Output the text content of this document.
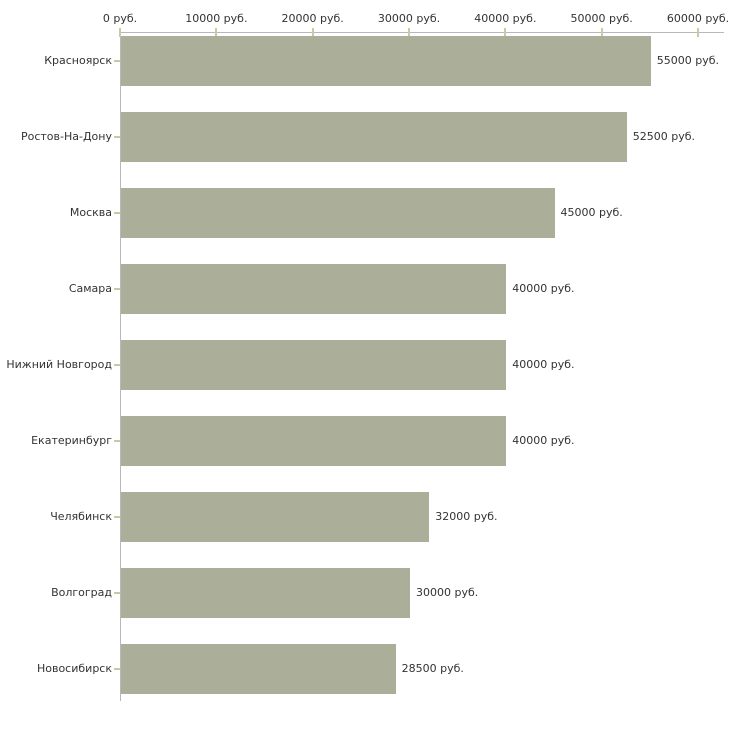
0 руб.	10000 руб.	20000 руб.	30000 руб.	40000 руб.	50000 руб.	60000 руб.
Красноярск	55000 руб.
Ростов-На-Дону	52500 руб.
Москва	45000 руб.
Самара	40000 руб.
Нижний Новгород	40000 руб.
Екатеринбург	40000 руб.
Челябинск	32000 руб.
Волгоград	30000 руб.
Новосибирск	28500 руб.
